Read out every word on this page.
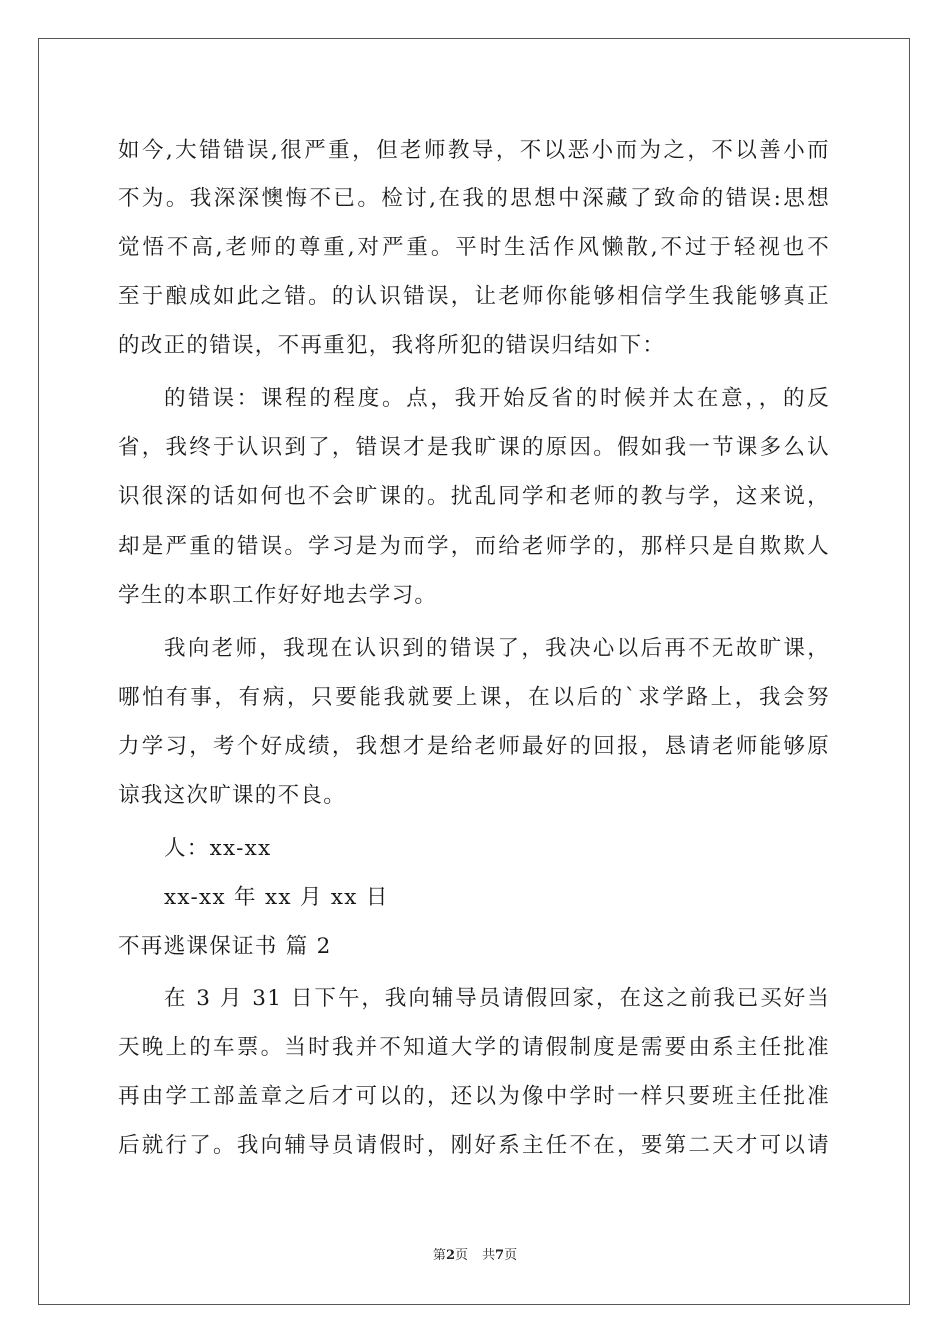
如今,大错错误,很严重，但老师教导，不以恶小而为之，不以善小而
不为。我深深懊悔不已。检讨,在我的思想中深藏了致命的错误:思想
觉悟不高,老师的尊重,对严重。平时生活作风懒散,不过于轻视也不
至于酿成如此之错。的认识错误，让老师你能够相信学生我能够真正
的改正的错误，不再重犯，我将所犯的错误归结如下：
的错误：课程的程度。点，我开始反省的时候并太在意，，的反
省，我终于认识到了，错误才是我旷课的原因。假如我一节课多么认
识很深的话如何也不会旷课的。扰乱同学和老师的教与学，这来说，
却是严重的错误。学习是为而学，而给老师学的，那样只是自欺欺人
学生的本职工作好好地去学习。
我向老师，我现在认识到的错误了，我决心以后再不无故旷课，
哪怕有事，有病，只要能我就要上课，在以后的`求学路上，我会努
力学习，考个好成绩，我想才是给老师最好的回报，恳请老师能够原
谅我这次旷课的不良。
人：xx-xx
xx-xx 年 xx 月 xx 日
不再逃课保证书 篇 2
在 3 月 31 日下午，我向辅导员请假回家，在这之前我已买好当
天晚上的车票。当时我并不知道大学的请假制度是需要由系主任批准
再由学工部盖章之后才可以的，还以为像中学时一样只要班主任批准
后就行了。我向辅导员请假时，刚好系主任不在，要第二天才可以请
第2页 共7页
